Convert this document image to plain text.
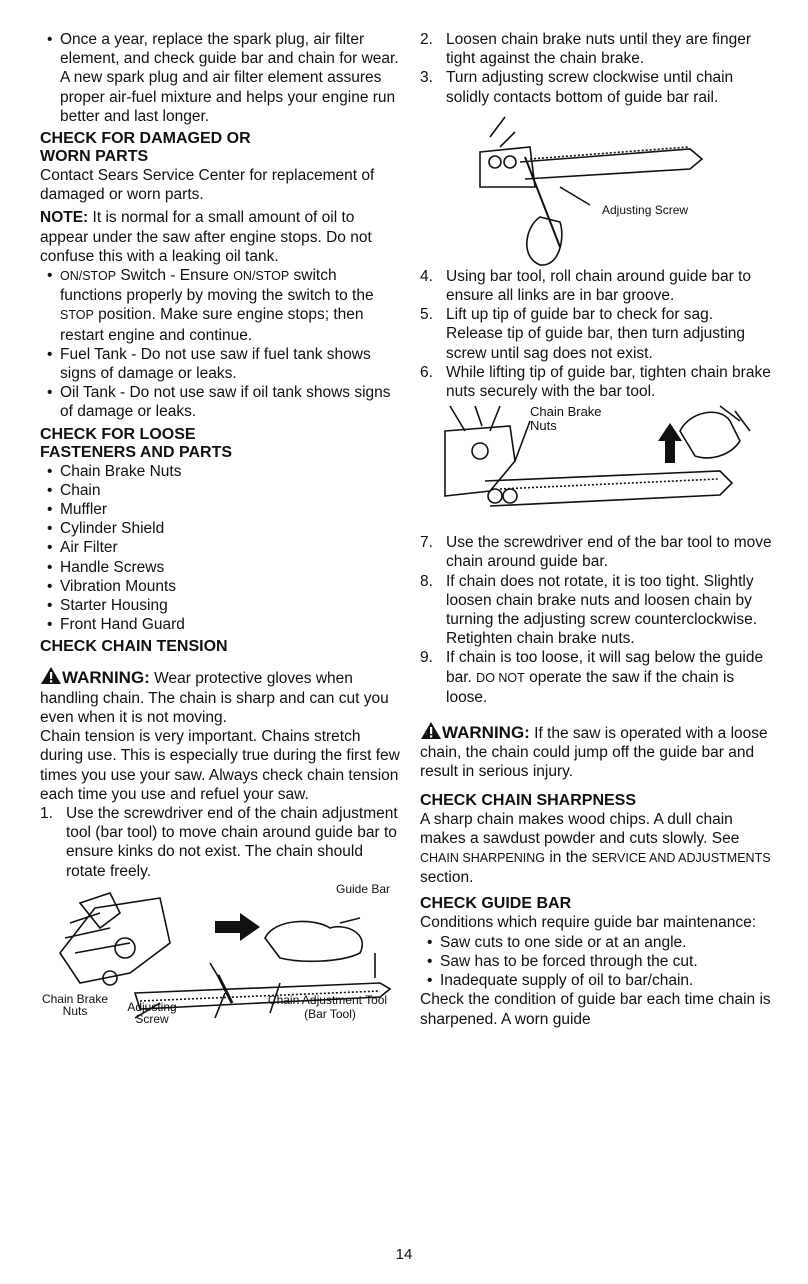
• Once a year, replace the spark plug, air filter element, and check guide bar and chain for wear. A new spark plug and air filter element assures proper air-fuel mixture and helps your engine run better and last longer.

CHECK FOR DAMAGED OR

WORN PARTS

Contact Sears Service Center for replacement of damaged or worn parts.

NOTE: It is normal for a small amount of oil to appear under the saw after engine stops. Do not confuse this with a leaking oil tank.

• ON/STOP Switch - Ensure ON/STOP switch functions properly by moving the switch to the STOP position. Make sure engine stops; then restart engine and continue.

• Fuel Tank - Do not use saw if fuel tank shows signs of damage or leaks.

• Oil Tank - Do not use saw if oil tank shows signs of damage or leaks.

CHECK FOR LOOSE

FASTENERS AND PARTS

• Chain Brake Nuts

• Chain

• Muffler

• Cylinder Shield

• Air Filter

• Handle Screws

• Vibration Mounts

• Starter Housing

• Front Hand Guard

CHECK CHAIN TENSION

WARNING: Wear protective gloves when handling chain. The chain is sharp and can cut you even when it is not moving.

Chain tension is very important. Chains stretch during use. This is especially true during the first few times you use your saw. Always check chain tension each time you use and refuel your saw.

1. Use the screwdriver end of the chain adjustment tool (bar tool) to move chain around guide bar to ensure kinks do not exist. The chain should rotate freely.

Guide Bar
Chain Brake Nuts	Adjusting Screw
Chain Adjustment Tool
(Bar Tool)

2. Loosen chain brake nuts until they are finger tight against the chain brake.

3. Turn adjusting screw clockwise until chain solidly contacts bottom of guide bar rail.

Adjusting Screw

4. Using bar tool, roll chain around guide bar to ensure all links are in bar groove.

5. Lift up tip of guide bar to check for sag. Release tip of guide bar, then turn adjusting screw until sag does not exist.

6. While lifting tip of guide bar, tighten chain brake nuts securely with the bar tool.

Chain Brake
Nuts

7. Use the screwdriver end of the bar tool to move chain around guide bar.

8. If chain does not rotate, it is too tight. Slightly loosen chain brake nuts and loosen chain by turning the adjusting screw counterclockwise. Retighten chain brake nuts.

9. If chain is too loose, it will sag below the guide bar. DO NOT operate the saw if the chain is loose.

WARNING: If the saw is operated with a loose chain, the chain could jump off the guide bar and result in serious injury.

CHECK CHAIN SHARPNESS

A sharp chain makes wood chips. A dull chain makes a sawdust powder and cuts slowly. See CHAIN SHARPENING in the SERVICE AND ADJUSTMENTS section.

CHECK GUIDE BAR

Conditions which require guide bar maintenance:

• Saw cuts to one side or at an angle.

• Saw has to be forced through the cut.

• Inadequate supply of oil to bar/chain.

Check the condition of guide bar each time chain is sharpened. A worn guide

14
